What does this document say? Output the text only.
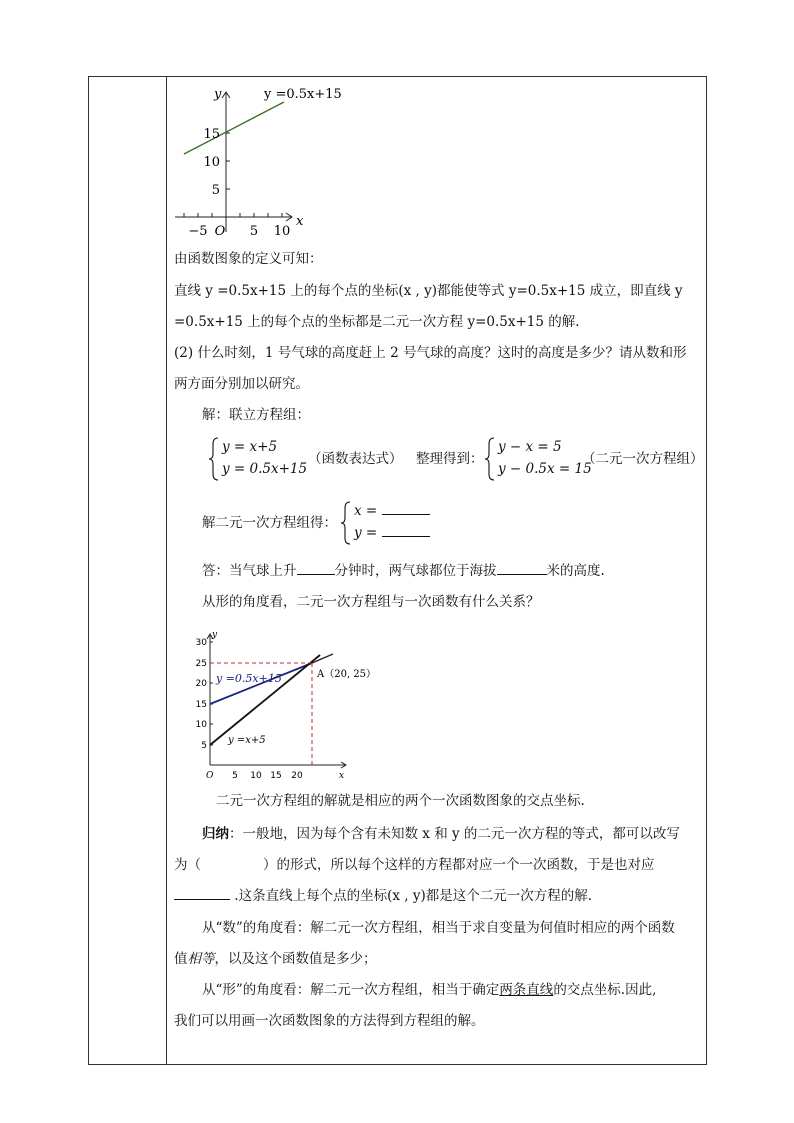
y
x
y =0.5x+15
15
10
5
−5 O 5 10
由函数图象的定义可知：
直线 y =0.5x+15 上的每个点的坐标(x , y)都能使等式 y=0.5x+15 成立，即直线 y
=0.5x+15 上的每个点的坐标都是二元一次方程 y=0.5x+15 的解.
(2) 什么时刻，1 号气球的高度赶上 2 号气球的高度？这时的高度是多少？请从数和形
两方面分别加以研究。
解：联立方程组：
y = x+5
y = 0.5x+15
（函数表达式） 整理得到：
y − x = 5
y − 0.5x = 15
（二元一次方程组）
解二元一次方程组得：
x =
y =
答：当气球上升	分钟时，两气球都位于海拔	米的高度.
从形的角度看，二元一次方程组与一次函数有什么关系？
y
x
30
25
20
15
10
5
O 5 10 15 20
y =0.5x+15
y =x+5
A（20, 25）
二元一次方程组的解就是相应的两个一次函数图象的交点坐标.
归纳：一般地，因为每个含有未知数 x 和 y 的二元一次方程的等式，都可以改写
为（	）的形式，所以每个这样的方程都对应一个一次函数，于是也对应
.这条直线上每个点的坐标(x , y)都是这个二元一次方程的解.
从“数”的角度看：解二元一次方程组，相当于求自变量为何值时相应的两个函数
值相等，以及这个函数值是多少；
从“形”的角度看：解二元一次方程组，相当于确定两条直线的交点坐标.因此,
我们可以用画一次函数图象的方法得到方程组的解。
